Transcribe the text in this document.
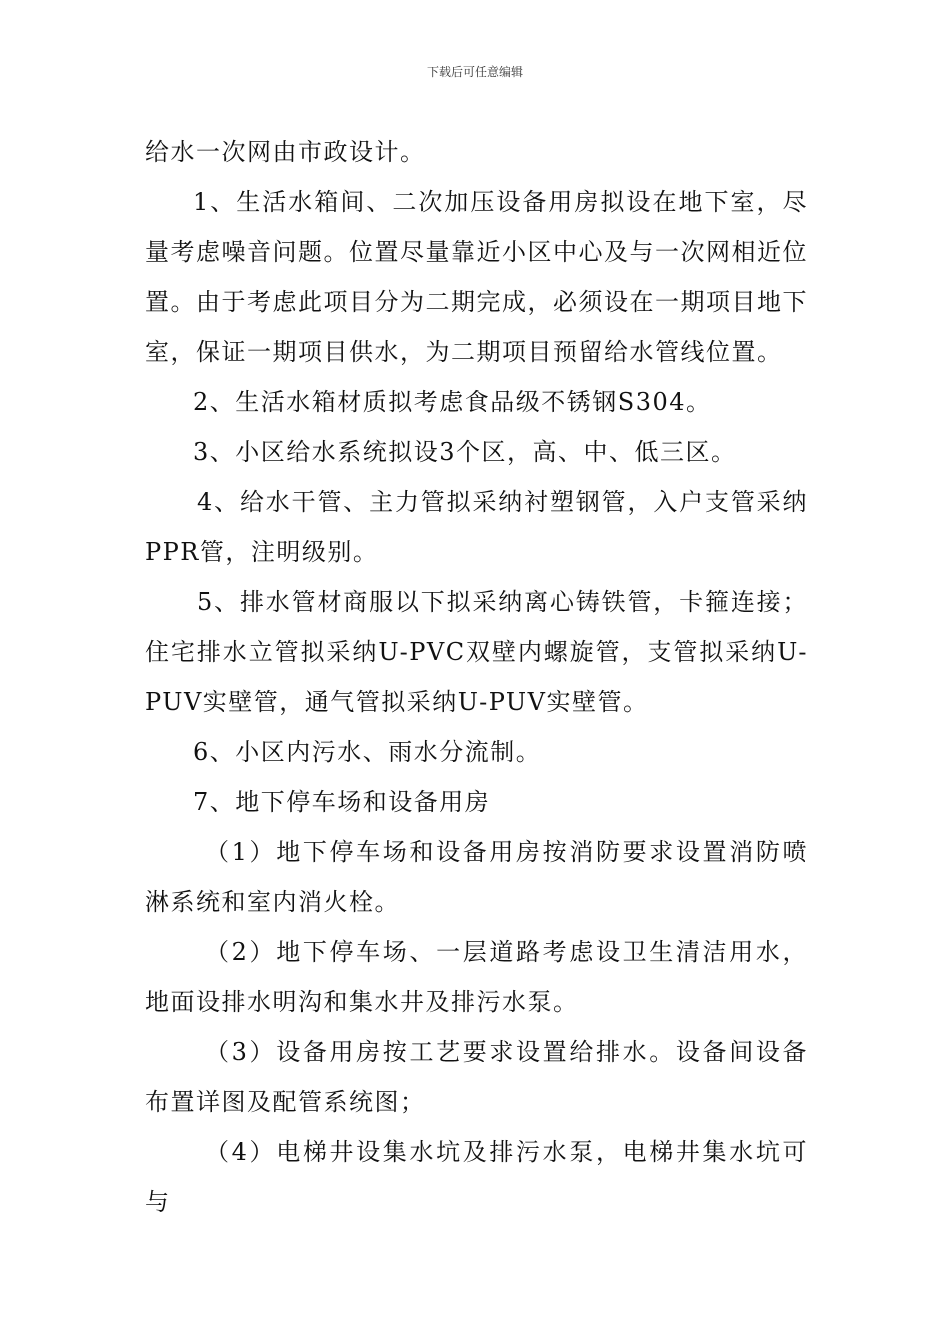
下载后可任意编辑

给水一次网由市政设计。

1、生活水箱间、二次加压设备用房拟设在地下室，尽量考虑噪音问题。位置尽量靠近小区中心及与一次网相近位置。由于考虑此项目分为二期完成，必须设在一期项目地下室，保证一期项目供水，为二期项目预留给水管线位置。

2、生活水箱材质拟考虑食品级不锈钢S304。

3、小区给水系统拟设3个区，高、中、低三区。

4、给水干管、主力管拟采纳衬塑钢管，入户支管采纳PPR管，注明级别。

5、排水管材商服以下拟采纳离心铸铁管，卡箍连接；住宅排水立管拟采纳U-PVC双壁内螺旋管，支管拟采纳U-PUV实壁管，通气管拟采纳U-PUV实壁管。

6、小区内污水、雨水分流制。

7、地下停车场和设备用房

（1）地下停车场和设备用房按消防要求设置消防喷淋系统和室内消火栓。

（2）地下停车场、一层道路考虑设卫生清洁用水，地面设排水明沟和集水井及排污水泵。

（3）设备用房按工艺要求设置给排水。设备间设备布置详图及配管系统图；

（4）电梯井设集水坑及排污水泵，电梯井集水坑可与
